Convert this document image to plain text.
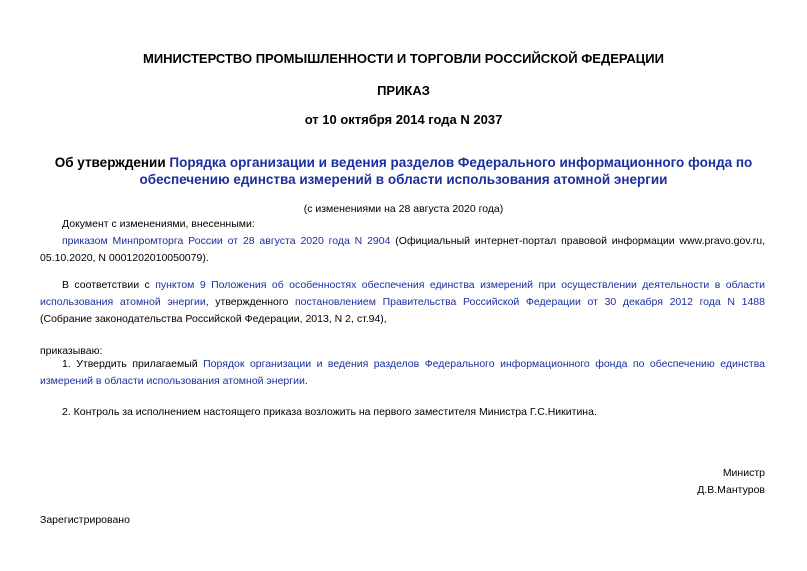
МИНИСТЕРСТВО ПРОМЫШЛЕННОСТИ И ТОРГОВЛИ РОССИЙСКОЙ ФЕДЕРАЦИИ
ПРИКАЗ
от 10 октября 2014 года N 2037
Об утверждении Порядка организации и ведения разделов Федерального информационного фонда по обеспечению единства измерений в области использования атомной энергии
(с изменениями на 28 августа 2020 года)
Документ с изменениями, внесенными:
приказом Минпромторга России от 28 августа 2020 года N 2904 (Официальный интернет-портал правовой информации www.pravo.gov.ru, 05.10.2020, N 0001202010050079).
В соответствии с пунктом 9 Положения об особенностях обеспечения единства измерений при осуществлении деятельности в области использования атомной энергии, утвержденного постановлением Правительства Российской Федерации от 30 декабря 2012 года N 1488 (Собрание законодательства Российской Федерации, 2013, N 2, ст.94),
приказываю:
1. Утвердить прилагаемый Порядок организации и ведения разделов Федерального информационного фонда по обеспечению единства измерений в области использования атомной энергии.
2. Контроль за исполнением настоящего приказа возложить на первого заместителя Министра Г.С.Никитина.
Министр
Д.В.Мантуров
Зарегистрировано
